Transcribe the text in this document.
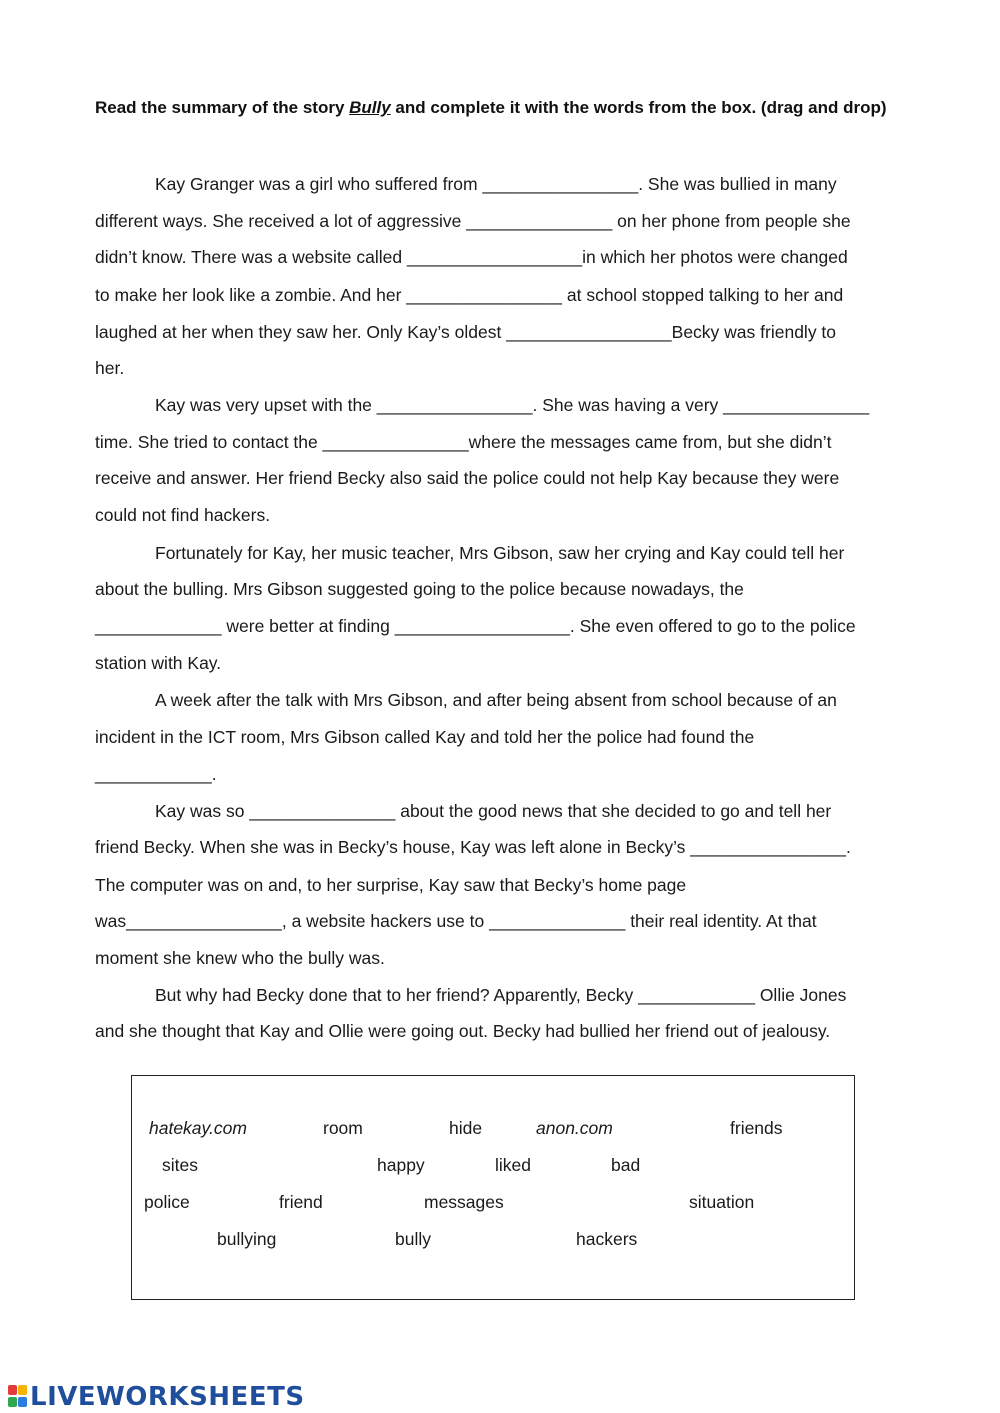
Read the summary of the story Bully and complete it with the words from the box. (drag and drop)
Kay Granger was a girl who suffered from ________________. She was bullied in many
different ways. She received a lot of aggressive _______________ on her phone from people she
didn’t know. There was a website called __________________in which her photos were changed
to make her look like a zombie. And her ________________ at school stopped talking to her and
laughed at her when they saw her. Only Kay’s oldest _________________Becky was friendly to
her.
Kay was very upset with the ________________. She was having a very _______________
time. She tried to contact the _______________where the messages came from, but she didn’t
receive and answer. Her friend Becky also said the police could not help Kay because they were
could not find hackers.
Fortunately for Kay, her music teacher, Mrs Gibson, saw her crying and Kay could tell her
about the bulling. Mrs Gibson suggested going to the police because nowadays, the
_____________ were better at finding __________________. She even offered to go to the police
station with Kay.
A week after the talk with Mrs Gibson, and after being absent from school because of an
incident in the ICT room, Mrs Gibson called Kay and told her the police had found the
____________.
Kay was so _______________ about the good news that she decided to go and tell her
friend Becky. When she was in Becky’s house, Kay was left alone in Becky’s ________________.
The computer was on and, to her surprise, Kay saw that Becky’s home page
was________________, a website hackers use to ______________ their real identity. At that
moment she knew who the bully was.
But why had Becky done that to her friend? Apparently, Becky ____________ Ollie Jones
and she thought that Kay and Ollie were going out. Becky had bullied her friend out of jealousy.
hatekay.com	room	hide	anon.com	friends
sites	happy	liked	bad
police	friend	messages	situation
bullying	bully	hackers
LIVEWORKSHEETS
